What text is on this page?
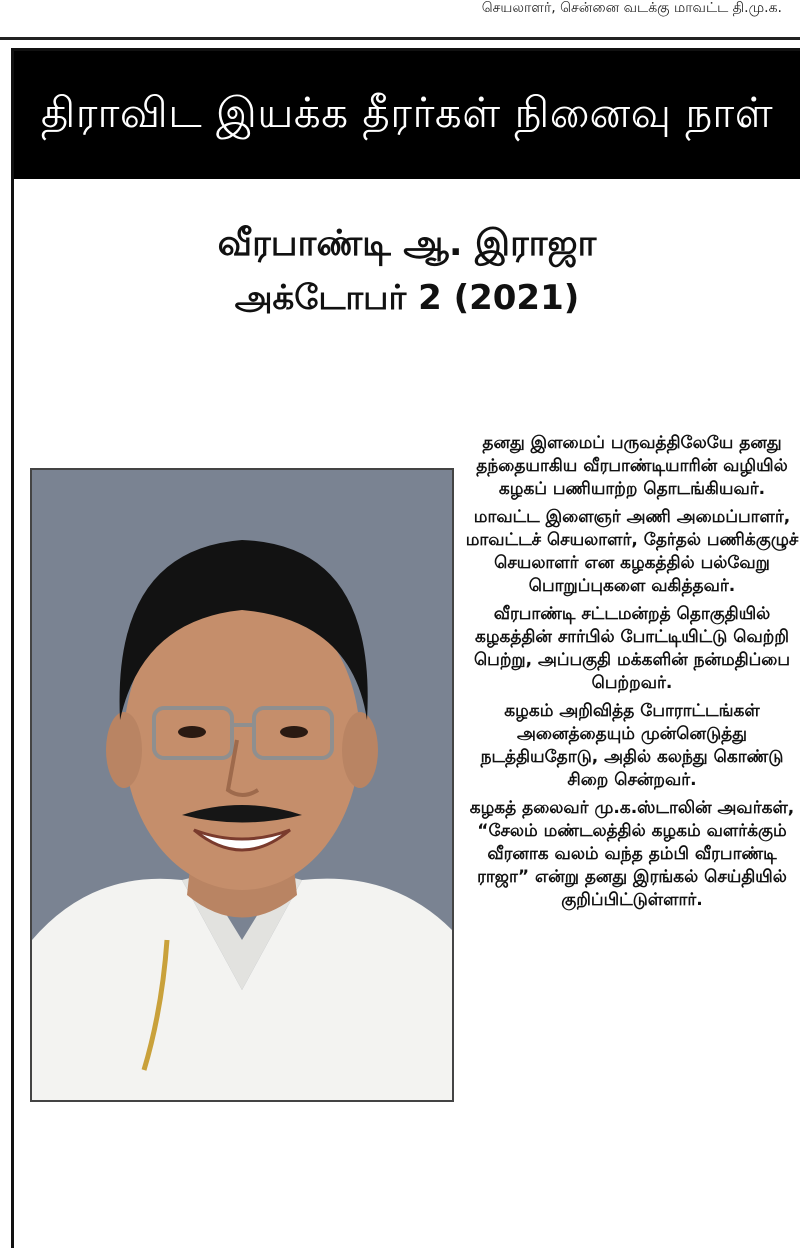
செயலாளர், சென்னை வடக்கு மாவட்ட தி.மு.க.
திராவிட இயக்க தீரர்கள் நினைவு நாள்
வீரபாண்டி ஆ. இராஜா
அக்டோபர் 2 (2021)

தனது இளமைப் பருவத்திலேயே தனது தந்தையாகிய வீரபாண்டியாரின் வழியில் கழகப் பணியாற்ற தொடங்கியவர்.

மாவட்ட இளைஞர் அணி அமைப்பாளர், மாவட்டச் செயலாளர், தேர்தல் பணிக்குழுச் செயலாளர் என கழகத்தில் பல்வேறு பொறுப்புகளை வகித்தவர்.

வீரபாண்டி சட்டமன்றத் தொகுதியில் கழகத்தின் சார்பில் போட்டியிட்டு வெற்றி பெற்று, அப்பகுதி மக்களின் நன்மதிப்பை பெற்றவர்.

கழகம் அறிவித்த போராட்டங்கள் அனைத்தையும் முன்னெடுத்து நடத்தியதோடு, அதில் கலந்து கொண்டு சிறை சென்றவர்.

கழகத் தலைவர் மு.க.ஸ்டாலின் அவர்கள், “சேலம் மண்டலத்தில் கழகம் வளர்க்கும் வீரனாக வலம் வந்த தம்பி வீரபாண்டி ராஜா” என்று தனது இரங்கல் செய்தியில் குறிப்பிட்டுள்ளார்.
